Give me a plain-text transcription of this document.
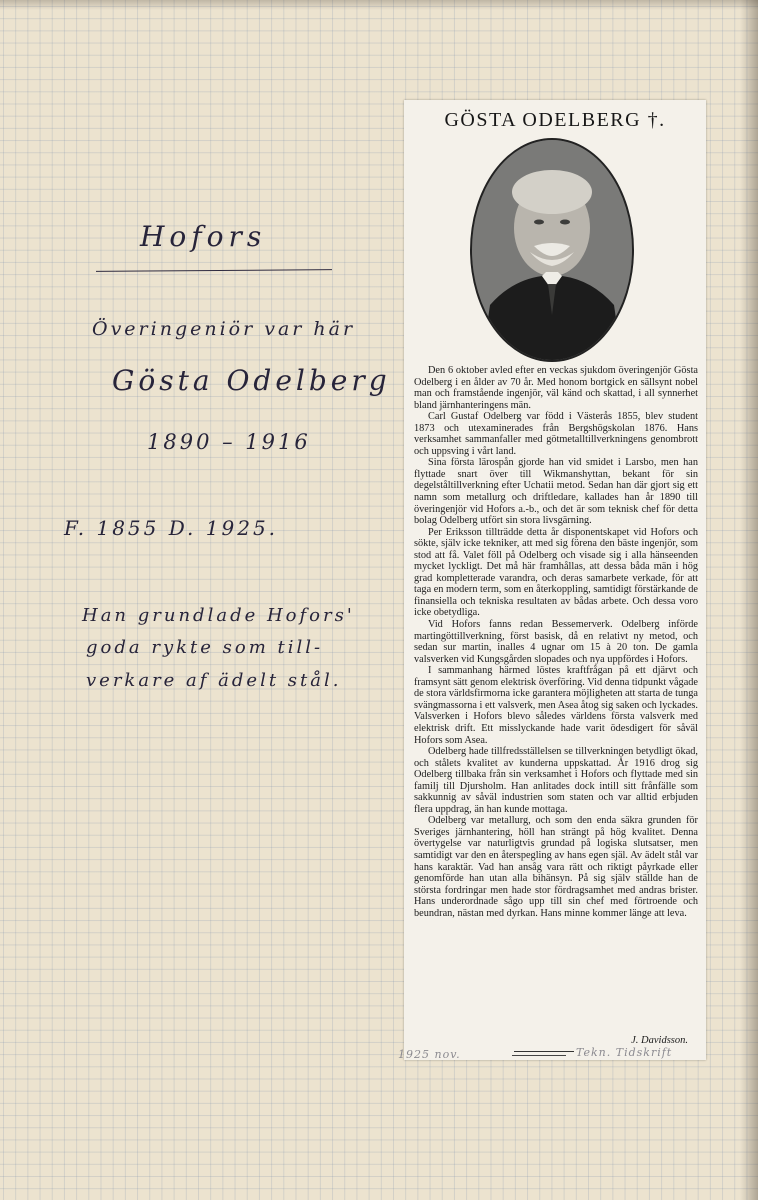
Hofors
Överingeniör var här
Gösta Odelberg
1890 – 1916
F. 1855 D. 1925.
Han grundlade Hofors'
goda rykte som till-
verkare af ädelt stål.
GÖSTA ODELBERG †.

Den 6 oktober avled efter en veckas sjukdom överingenjör Gösta Odelberg i en ålder av 70 år. Med honom bortgick en sällsynt nobel man och framstående ingenjör, väl känd och skattad, i all synnerhet bland järnhanteringens män.

Carl Gustaf Odelberg var född i Västerås 1855, blev student 1873 och utexaminerades från Bergshögskolan 1876. Hans verksamhet sammanfaller med götmetalltillverkningens genombrott och uppsving i vårt land.

Sina första lärospån gjorde han vid smidet i Larsbo, men han flyttade snart över till Wikmanshyttan, bekant för sin degelståltillverkning efter Uchatii metod. Sedan han där gjort sig ett namn som metallurg och driftledare, kallades han år 1890 till överingenjör vid Hofors a.-b., och det är som teknisk chef för detta bolag Odelberg utfört sin stora livsgärning.

Per Eriksson tillträdde detta år disponentskapet vid Hofors och sökte, själv icke tekniker, att med sig förena den bäste ingenjör, som stod att få. Valet föll på Odelberg och visade sig i alla hänseenden mycket lyckligt. Det må här framhållas, att dessa båda män i hög grad kompletterade varandra, och deras samarbete verkade, för att taga en modern term, som en återkoppling, samtidigt förstärkande de finansiella och tekniska resultaten av bådas arbete. Och dessa voro icke obetydliga.

Vid Hofors fanns redan Bessemerverk. Odelberg införde martingöttillverkning, först basisk, då en relativt ny metod, och sedan sur martin, inalles 4 ugnar om 15 à 20 ton. De gamla valsverken vid Kungsgården slopades och nya uppfördes i Hofors.

I sammanhang härmed löstes kraftfrågan på ett djärvt och framsynt sätt genom elektrisk överföring. Vid denna tidpunkt vågade de stora världsfirmorna icke garantera möjligheten att starta de tunga svängmassorna i ett valsverk, men Asea åtog sig saken och lyckades. Valsverken i Hofors blevo således världens första valsverk med elektrisk drift. Ett misslyckande hade varit ödesdigert för såväl Hofors som Asea.

Odelberg hade tillfredsställelsen se tillverkningen betydligt ökad, och stålets kvalitet av kunderna uppskattad. År 1916 drog sig Odelberg tillbaka från sin verksamhet i Hofors och flyttade med sin familj till Djursholm. Han anlitades dock intill sitt frånfälle som sakkunnig av såväl industrien som staten och var alltid erbjuden flera uppdrag, än han kunde mottaga.

Odelberg var metallurg, och som den enda säkra grunden för Sveriges järnhantering, höll han strängt på hög kvalitet. Denna övertygelse var naturligtvis grundad på logiska slutsatser, men samtidigt var den en återspegling av hans egen själ. Av ädelt stål var hans karaktär. Vad han ansåg vara rätt och riktigt påyrkade eller genomförde han utan alla bihänsyn. På sig själv ställde han de största fordringar men hade stor fördragsamhet med andras brister. Hans underordnade sågo upp till sin chef med förtroende och beundran, nästan med dyrkan. Hans minne kommer länge att leva.

J. Davidsson.
1925 nov.	Tekn. Tidskrift
